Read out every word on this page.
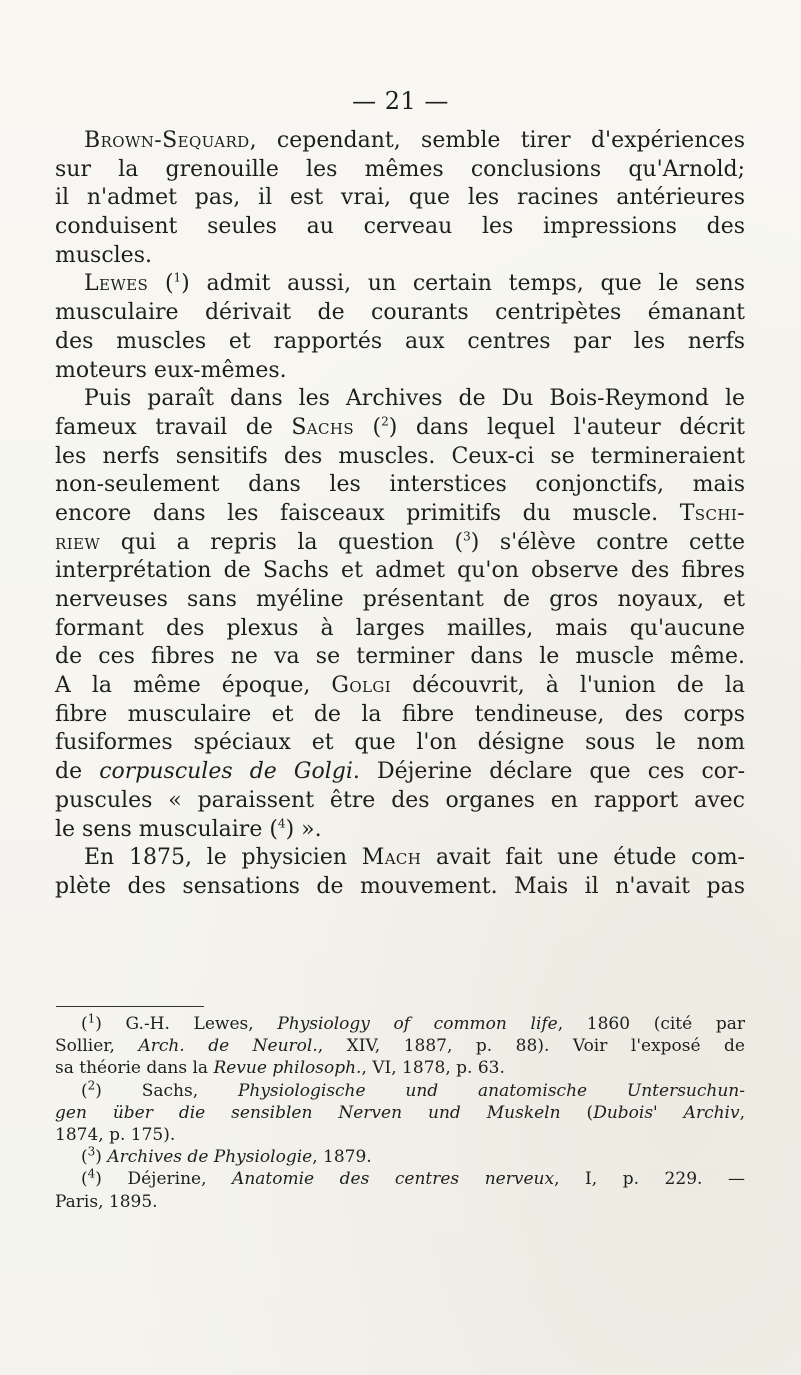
— 21 —
Brown-Sequard, cependant, semble tirer d'expériences
sur la grenouille les mêmes conclusions qu'Arnold;
il n'admet pas, il est vrai, que les racines antérieures
conduisent seules au cerveau les impressions des
muscles.
Lewes ($^1$) admit aussi, un certain temps, que le sens
musculaire dérivait de courants centripètes émanant
des muscles et rapportés aux centres par les nerfs
moteurs eux-mêmes.
Puis paraît dans les Archives de Du Bois-Reymond le
fameux travail de Sachs ($^2$) dans lequel l'auteur décrit
les nerfs sensitifs des muscles. Ceux-ci se termineraient
non-seulement dans les interstices conjonctifs, mais
encore dans les faisceaux primitifs du muscle. Tschi-
riew qui a repris la question ($^3$) s'élève contre cette
interprétation de Sachs et admet qu'on observe des fibres
nerveuses sans myéline présentant de gros noyaux, et
formant des plexus à larges mailles, mais qu'aucune
de ces fibres ne va se terminer dans le muscle même.
A la même époque, Golgi découvrit, à l'union de la
fibre musculaire et de la fibre tendineuse, des corps
fusiformes spéciaux et que l'on désigne sous le nom
de corpuscules de Golgi. Déjerine déclare que ces cor-
puscules « paraissent être des organes en rapport avec
le sens musculaire ($^4$) ».
En 1875, le physicien Mach avait fait une étude com-
plète des sensations de mouvement. Mais il n'avait pas
($^1$) G.-H. Lewes, Physiology of common life, 1860 (cité par
Sollier, Arch. de Neurol., XIV, 1887, p. 88). Voir l'exposé de
sa théorie dans la Revue philosoph., VI, 1878, p. 63.
($^2$) Sachs, Physiologische und anatomische Untersuchun-
gen über die sensiblen Nerven und Muskeln (Dubois' Archiv,
1874, p. 175).
($^3$) Archives de Physiologie, 1879.
($^4$) Déjerine, Anatomie des centres nerveux, I, p. 229. —
Paris, 1895.
